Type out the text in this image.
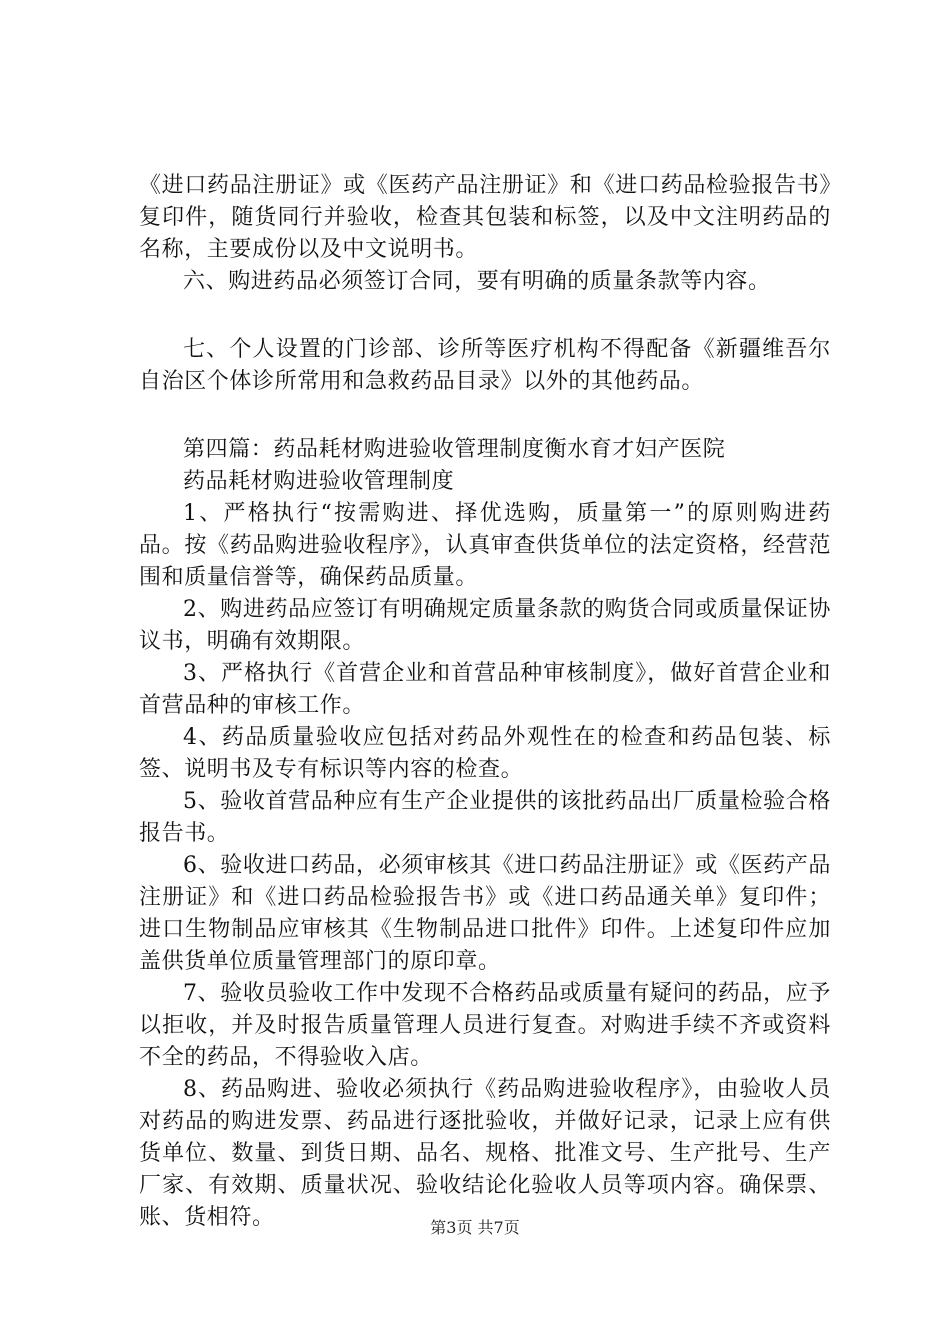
《进口药品注册证》或《医药产品注册证》和《进口药品检验报告书》复印件，随货同行并验收，检查其包装和标签，以及中文注明药品的名称，主要成份以及中文说明书。

六、购进药品必须签订合同，要有明确的质量条款等内容。

七、个人设置的门诊部、诊所等医疗机构不得配备《新疆维吾尔自治区个体诊所常用和急救药品目录》以外的其他药品。

第四篇：药品耗材购进验收管理制度衡水育才妇产医院

药品耗材购进验收管理制度

1、严格执行“按需购进、择优选购，质量第一”的原则购进药品。按《药品购进验收程序》，认真审查供货单位的法定资格，经营范围和质量信誉等，确保药品质量。

2、购进药品应签订有明确规定质量条款的购货合同或质量保证协议书，明确有效期限。

3、严格执行《首营企业和首营品种审核制度》，做好首营企业和首营品种的审核工作。

4、药品质量验收应包括对药品外观性在的检查和药品包装、标签、说明书及专有标识等内容的检查。

5、验收首营品种应有生产企业提供的该批药品出厂质量检验合格报告书。

6、验收进口药品，必须审核其《进口药品注册证》或《医药产品注册证》和《进口药品检验报告书》或《进口药品通关单》复印件；进口生物制品应审核其《生物制品进口批件》印件。上述复印件应加盖供货单位质量管理部门的原印章。

7、验收员验收工作中发现不合格药品或质量有疑问的药品，应予以拒收，并及时报告质量管理人员进行复查。对购进手续不齐或资料不全的药品，不得验收入店。

8、药品购进、验收必须执行《药品购进验收程序》，由验收人员对药品的购进发票、药品进行逐批验收，并做好记录，记录上应有供货单位、数量、到货日期、品名、规格、批准文号、生产批号、生产厂家、有效期、质量状况、验收结论化验收人员等项内容。确保票、账、货相符。	第3页 共7页
